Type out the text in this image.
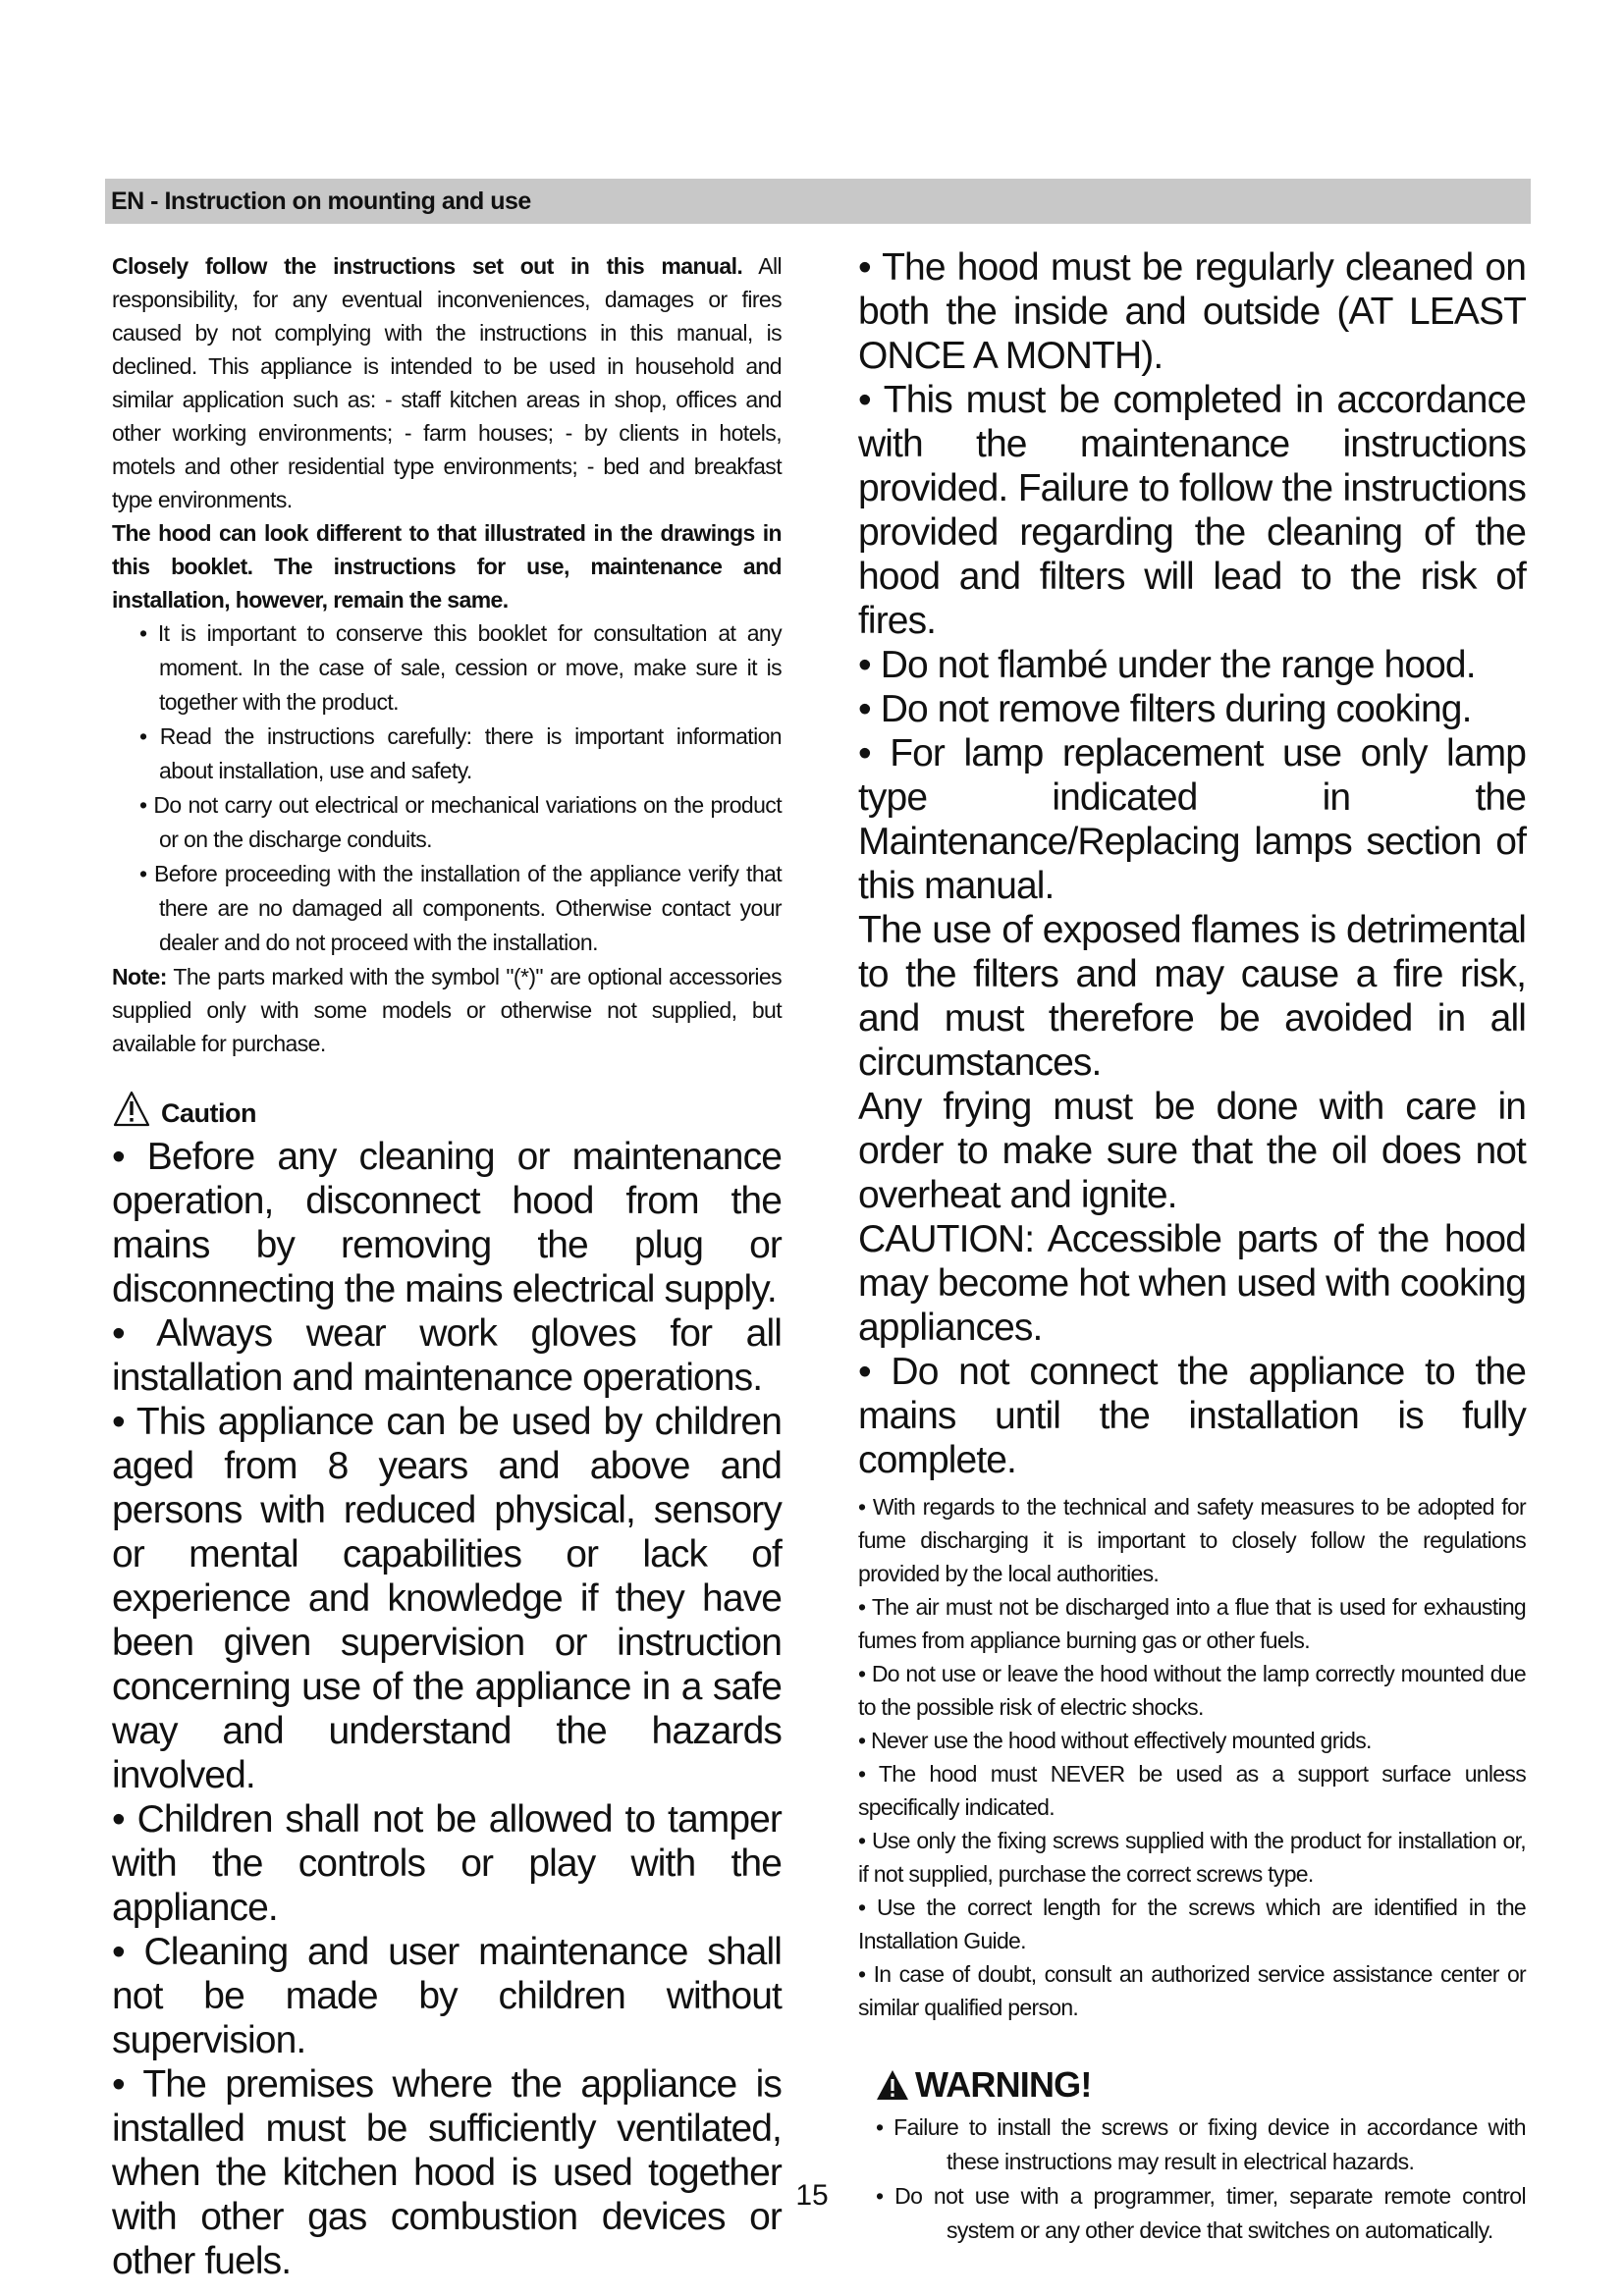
EN - Instruction on mounting and use

Closely follow the instructions set out in this manual. All responsibility, for any eventual inconveniences, damages or fires caused by not complying with the instructions in this manual, is declined. This appliance is intended to be used in household and similar application such as: - staff kitchen areas in shop, offices and other working environments; - farm houses; - by clients in hotels, motels and other residential type environments; - bed and breakfast type environments.

The hood can look different to that illustrated in the drawings in this booklet. The instructions for use, maintenance and installation, however, remain the same.

• It is important to conserve this booklet for consultation at any moment. In the case of sale, cession or move, make sure it is together with the product.
• Read the instructions carefully: there is important information about installation, use and safety.
• Do not carry out electrical or mechanical variations on the product or on the discharge conduits.
• Before proceeding with the installation of the appliance verify that there are no damaged all components. Otherwise contact your dealer and do not proceed with the installation.

Note: The parts marked with the symbol "(*)" are optional accessories supplied only with some models or otherwise not supplied, but available for purchase.

Caution
• Before any cleaning or maintenance operation, disconnect hood from the mains by removing the plug or disconnecting the mains electrical supply.
• Always wear work gloves for all installation and maintenance operations.
• This appliance can be used by children aged from 8 years and above and persons with reduced physical, sensory or mental capabilities or lack of experience and knowledge if they have been given supervision or instruction concerning use of the appliance in a safe way and understand the hazards involved.
• Children shall not be allowed to tamper with the controls or play with the appliance.
• Cleaning and user maintenance shall not be made by children without supervision.
• The premises where the appliance is installed must be sufficiently ventilated, when the kitchen hood is used together with other gas combustion devices or other fuels.
• The hood must be regularly cleaned on both the inside and outside (AT LEAST ONCE A MONTH).
• This must be completed in accordance with the maintenance instructions provided. Failure to follow the instructions provided regarding the cleaning of the hood and filters will lead to the risk of fires.
• Do not flambé under the range hood.
• Do not remove filters during cooking.
• For lamp replacement use only lamp type indicated in the Maintenance/Replacing lamps section of this manual.
The use of exposed flames is detrimental to the filters and may cause a fire risk, and must therefore be avoided in all circumstances.
Any frying must be done with care in order to make sure that the oil does not overheat and ignite.
CAUTION: Accessible parts of the hood may become hot when used with cooking appliances.
• Do not connect the appliance to the mains until the installation is fully complete.
• With regards to the technical and safety measures to be adopted for fume discharging it is important to closely follow the regulations provided by the local authorities.
• The air must not be discharged into a flue that is used for exhausting fumes from appliance burning gas or other fuels.
• Do not use or leave the hood without the lamp correctly mounted due to the possible risk of electric shocks.
• Never use the hood without effectively mounted grids.
• The hood must NEVER be used as a support surface unless specifically indicated.
• Use only the fixing screws supplied with the product for installation or, if not supplied, purchase the correct screws type.
• Use the correct length for the screws which are identified in the Installation Guide.
• In case of doubt, consult an authorized service assistance center or similar qualified person.
WARNING!
• Failure to install the screws or fixing device in accordance with these instructions may result in electrical hazards.
• Do not use with a programmer, timer, separate remote control system or any other device that switches on automatically.
15
